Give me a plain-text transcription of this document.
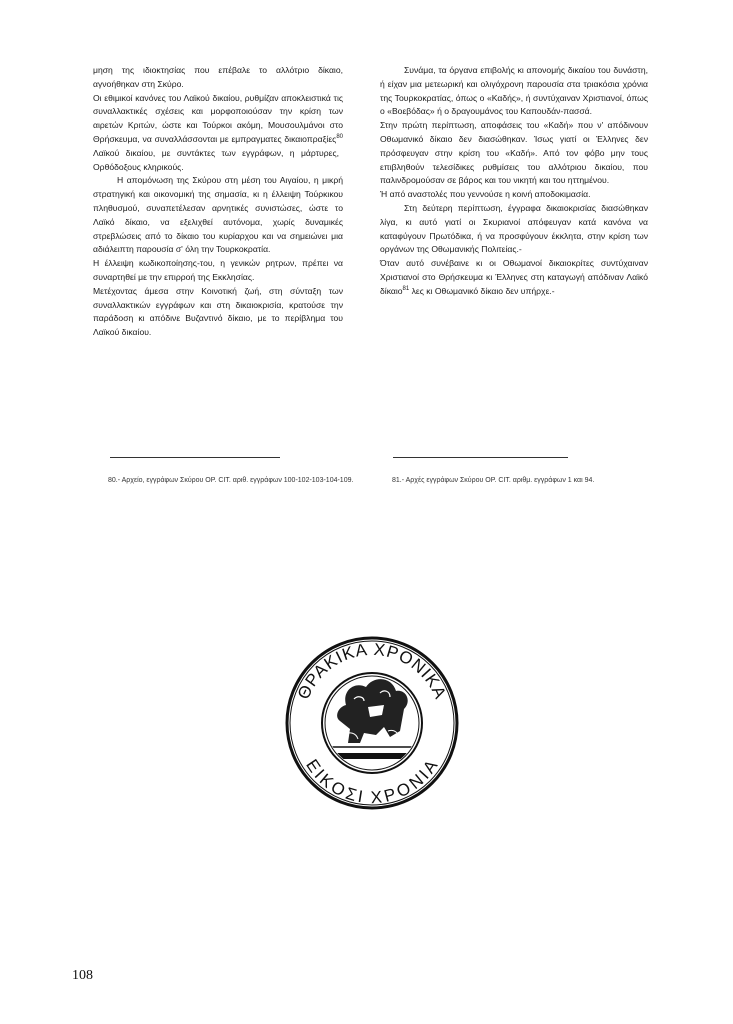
μηση της ιδιοκτησίας που επέβαλε το αλλότριο δίκαιο, αγνοήθηκαν στη Σκύρο.

Οι εθιμικοί κανόνες του Λαϊκού δικαίου, ρυθμίζαν αποκλειστικά τις συναλλακτικές σχέσεις και μορφοποιούσαν την κρίση των αιρετών Κριτών, ώστε και Τούρκοι ακόμη, Μουσουλμάνοι στο Θρήσκευμα, να συναλλάσσονται με εμπραγματες δικαιοπραξίες$^{80}$ Λαϊκού δικαίου, με συντάκτες των εγγράφων, η μάρτυρες, Ορθόδοξους κληρικούς.

Η απομόνωση της Σκύρου στη μέση του Αιγαίου, η μικρή στρατηγική και οικονομική της σημασία, κι η έλλειψη Τούρκικου πληθυσμού, συναπετέλεσαν αρνητικές συνιστώσες, ώστε το Λαϊκό δίκαιο, να εξελιχθεί αυτόνομα, χωρίς δυναμικές στρεβλώσεις από το δίκαιο του κυρίαρχου και να σημειώνει μια αδιάλειπτη παρουσία σ' όλη την Τουρκοκρατία.

Η έλλειψη κωδικοποίησης-του, η γενικών ρητρων, πρέπει να συναρτηθεί με την επιρροή της Εκκλησίας.

Μετέχοντας άμεσα στην Κοινοτική ζωή, στη σύνταξη των συναλλακτικών εγγράφων και στη δικαιοκρισία, κρατούσε την παράδοση κι απόδινε Βυζαντινό δίκαιο, με το περίβλημα του Λαϊκού δικαίου.

Συνάμα, τα όργανα επιβολής κι απονομής δικαίου του δυνάστη, ή είχαν μια μετεωρική και ολιγόχρονη παρουσία στα τριακόσια χρόνια της Τουρκοκρατίας, όπως ο «Καδής», ή συντύχαιναν Χριστιανοί, όπως ο «Βοεβόδας» ή ο δραγουμάνος του Καπουδάν-πασσά.

Στην πρώτη περίπτωση, αποφάσεις του «Καδή» που ν' απόδινουν Οθωμανικό δίκαιο δεν διασώθηκαν. Ίσως γιατί οι Έλληνες δεν πρόσφευγαν στην κρίση του «Καδή». Από τον φόβο μην τους επιβληθούν τελεσίδικες ρυθμίσεις του αλλότριου δικαίου, που παλινδρομούσαν σε βάρος και του νικητή και του ηττημένου.

Ή από αναστολές που γεννούσε η κοινή αποδοκιμασία.

Στη δεύτερη περίπτωση, έγγραφα δικαιοκρισίας διασώθηκαν λίγα, κι αυτό γιατί οι Σκυριανοί απόφευγαν κατά κανόνα να καταφύγουν Πρωτόδικα, ή να προσφύγουν έκκλητα, στην κρίση των οργάνων της Οθωμανικής Πολιτείας.-

Όταν αυτό συνέβαινε κι οι Οθωμανοί δικαιοκρίτες συντύχαιναν Χριστιανοί στο Θρήσκευμα κι Έλληνες στη καταγωγή απόδιναν Λαϊκό δίκαιο$^{81}$ λες κι Οθωμανικό δίκαιο δεν υπήρχε.-

80.- Αρχείο, εγγράφων Σκύρου ΟΡ. CIT. αριθ. εγγράφων 100-102-103-104-109.	81.- Αρχές εγγράφων Σκύρου ΟΡ. CIT. αριθμ. εγγράφων 1 και 94.
ΘΡΑΚΙΚΑ ΧΡΟΝΙΚΑ
ΕΙΚΟΣΙ ΧΡΟΝΙΑ
108
